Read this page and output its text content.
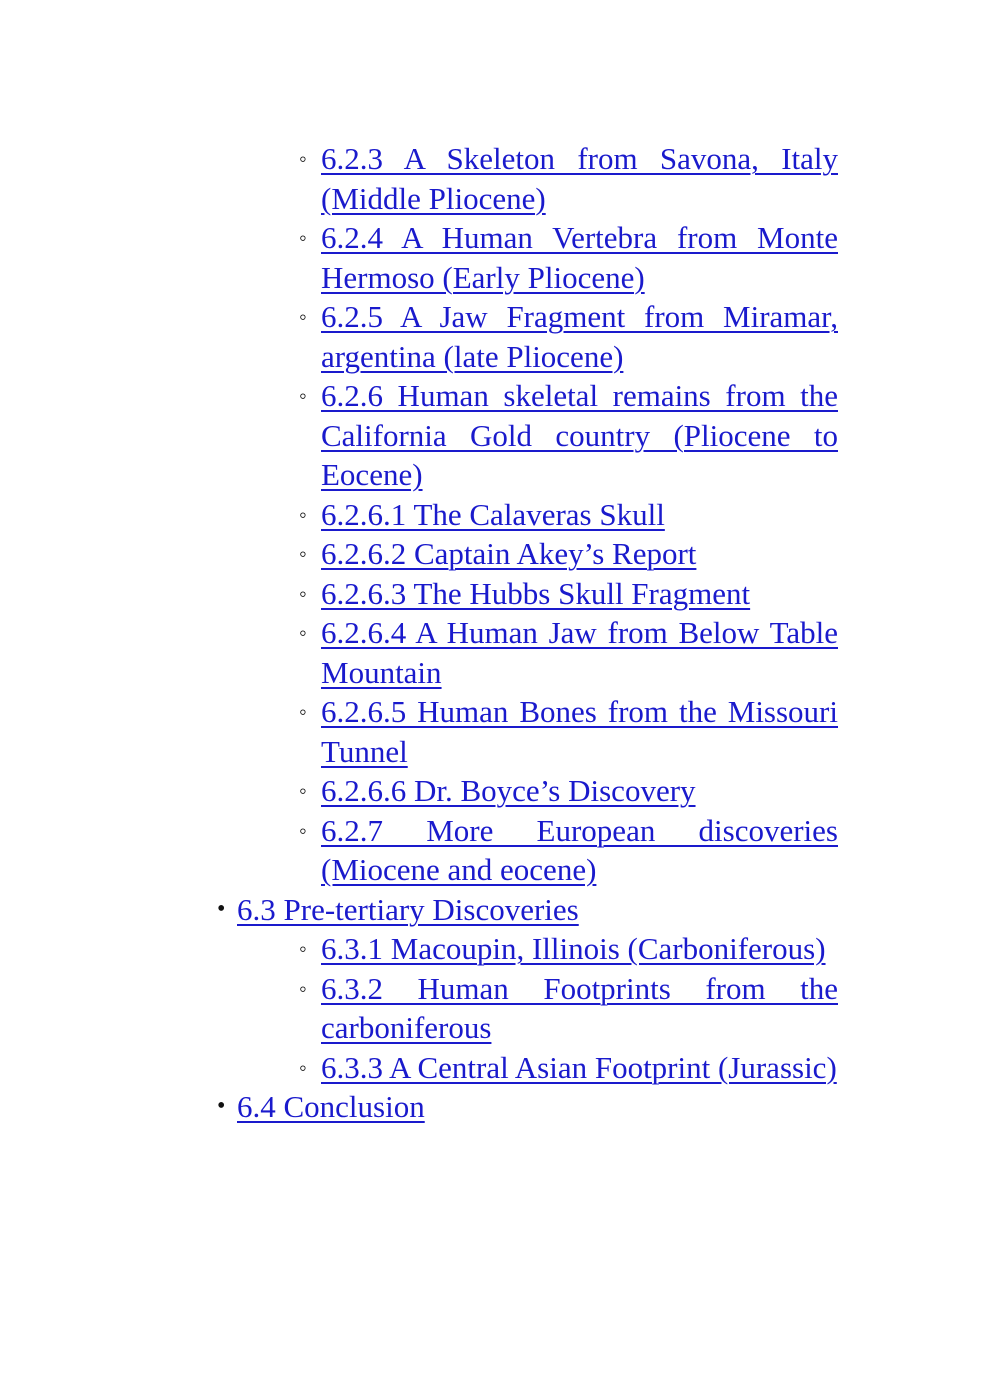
◦ 6.2.3 A Skeleton from Savona, Italy (Middle Pliocene)
◦ 6.2.4 A Human Vertebra from Monte Hermoso (Early Pliocene)
◦ 6.2.5 A Jaw Fragment from Miramar, argentina (late Pliocene)
◦ 6.2.6 Human skeletal remains from the California Gold country (Pliocene to Eocene)
◦ 6.2.6.1 The Calaveras Skull
◦ 6.2.6.2 Captain Akey’s Report
◦ 6.2.6.3 The Hubbs Skull Fragment
◦ 6.2.6.4 A Human Jaw from Below Table Mountain
◦ 6.2.6.5 Human Bones from the Missouri Tunnel
◦ 6.2.6.6 Dr. Boyce’s Discovery
◦ 6.2.7 More European discoveries (Miocene and eocene)
• 6.3 Pre-tertiary Discoveries
◦ 6.3.1 Macoupin, Illinois (Carboniferous)
◦ 6.3.2 Human Footprints from the carboniferous
◦ 6.3.3 A Central Asian Footprint (Jurassic)
• 6.4 Conclusion
